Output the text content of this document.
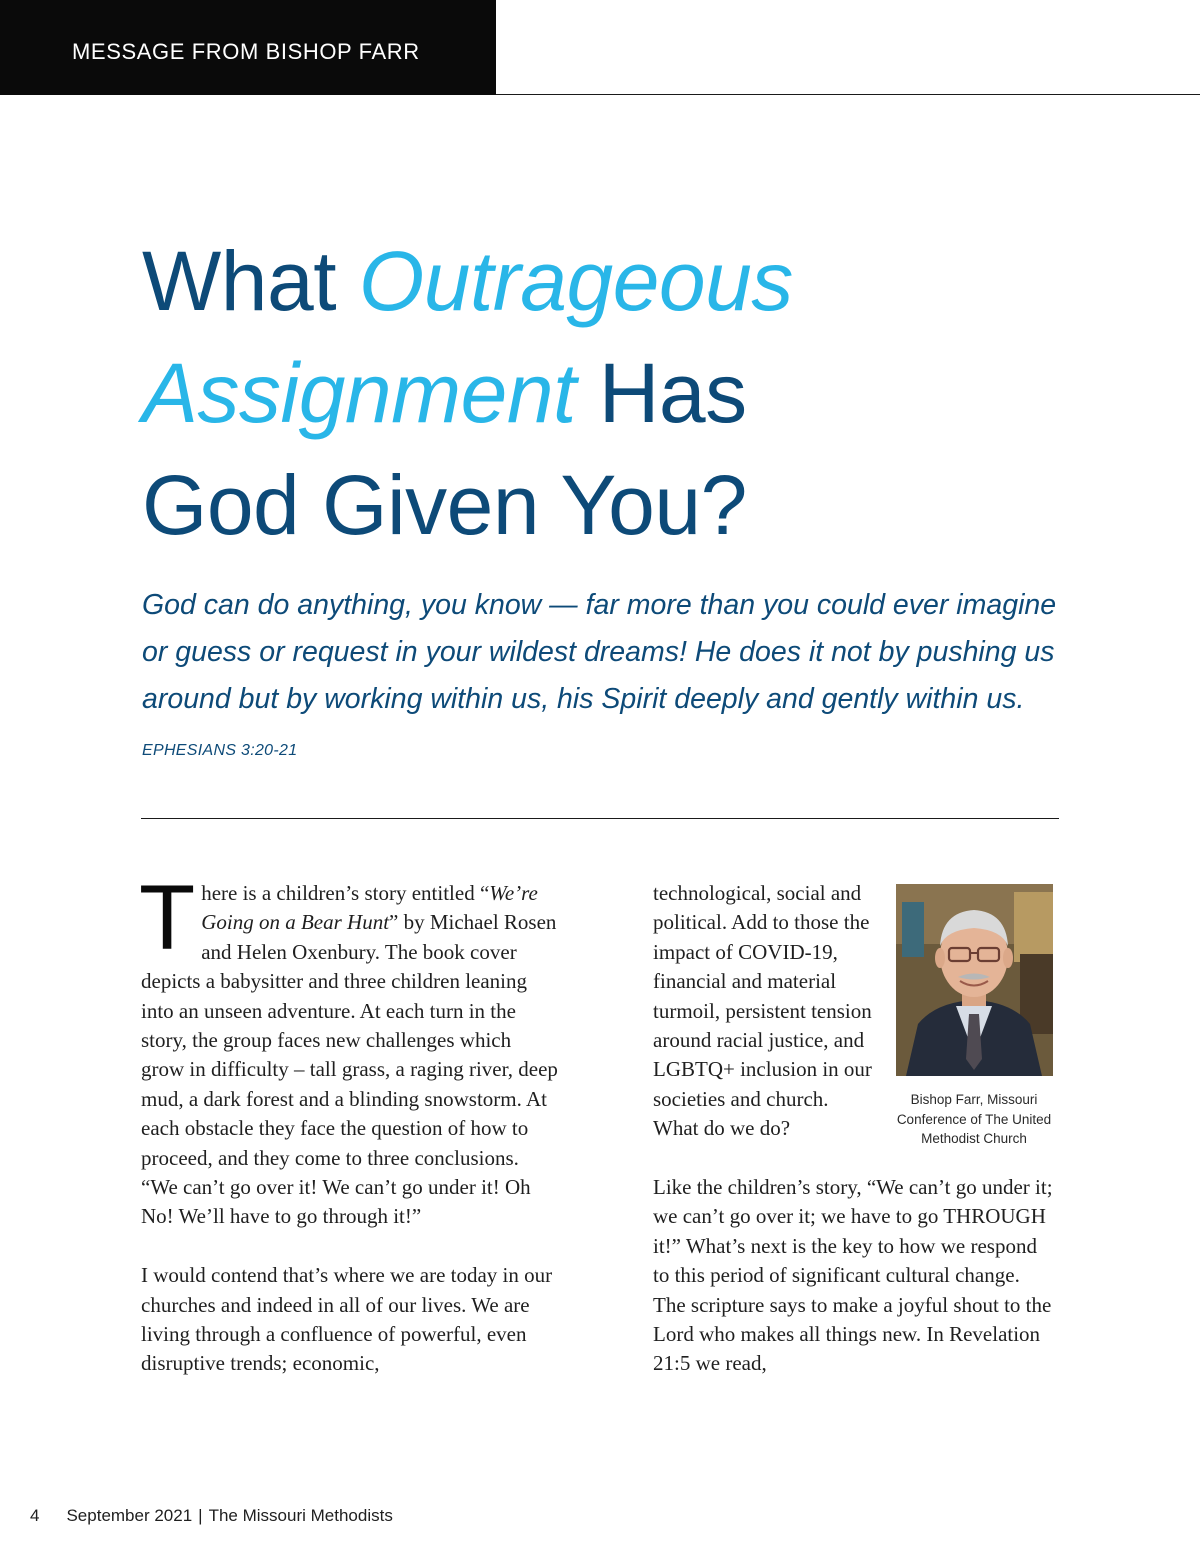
MESSAGE FROM BISHOP FARR
What Outrageous
Assignment Has
God Given You?

God can do anything, you know — far more than you could ever imagine or guess or request in your wildest dreams! He does it not by pushing us around but by working within us, his Spirit deeply and gently within us. EPHESIANS 3:20-21

There is a children’s story entitled “We’re Going on a Bear Hunt” by Michael Rosen and Helen Oxenbury. The book cover depicts a babysitter and three children leaning into an unseen adventure. At each turn in the story, the group faces new challenges which grow in difficulty – tall grass, a raging river, deep mud, a dark forest and a blinding snowstorm. At each obstacle they face the question of how to proceed, and they come to three conclusions. “We can’t go over it! We can’t go under it! Oh No! We’ll have to go through it!”

I would contend that’s where we are today in our churches and indeed in all of our lives. We are living through a confluence of powerful, even disruptive trends; economic,

Bishop Farr, Missouri Conference of The United Methodist Church

technological, social and political. Add to those the impact of COVID-19, financial and material turmoil, persistent tension around racial justice, and LGBTQ+ inclusion in our societies and church. What do we do?

Like the children’s story, “We can’t go under it; we can’t go over it; we have to go THROUGH it!” What’s next is the key to how we respond to this period of significant cultural change. The scripture says to make a joyful shout to the Lord who makes all things new. In Revelation 21:5 we read,

4 September 2021 | The Missouri Methodists
